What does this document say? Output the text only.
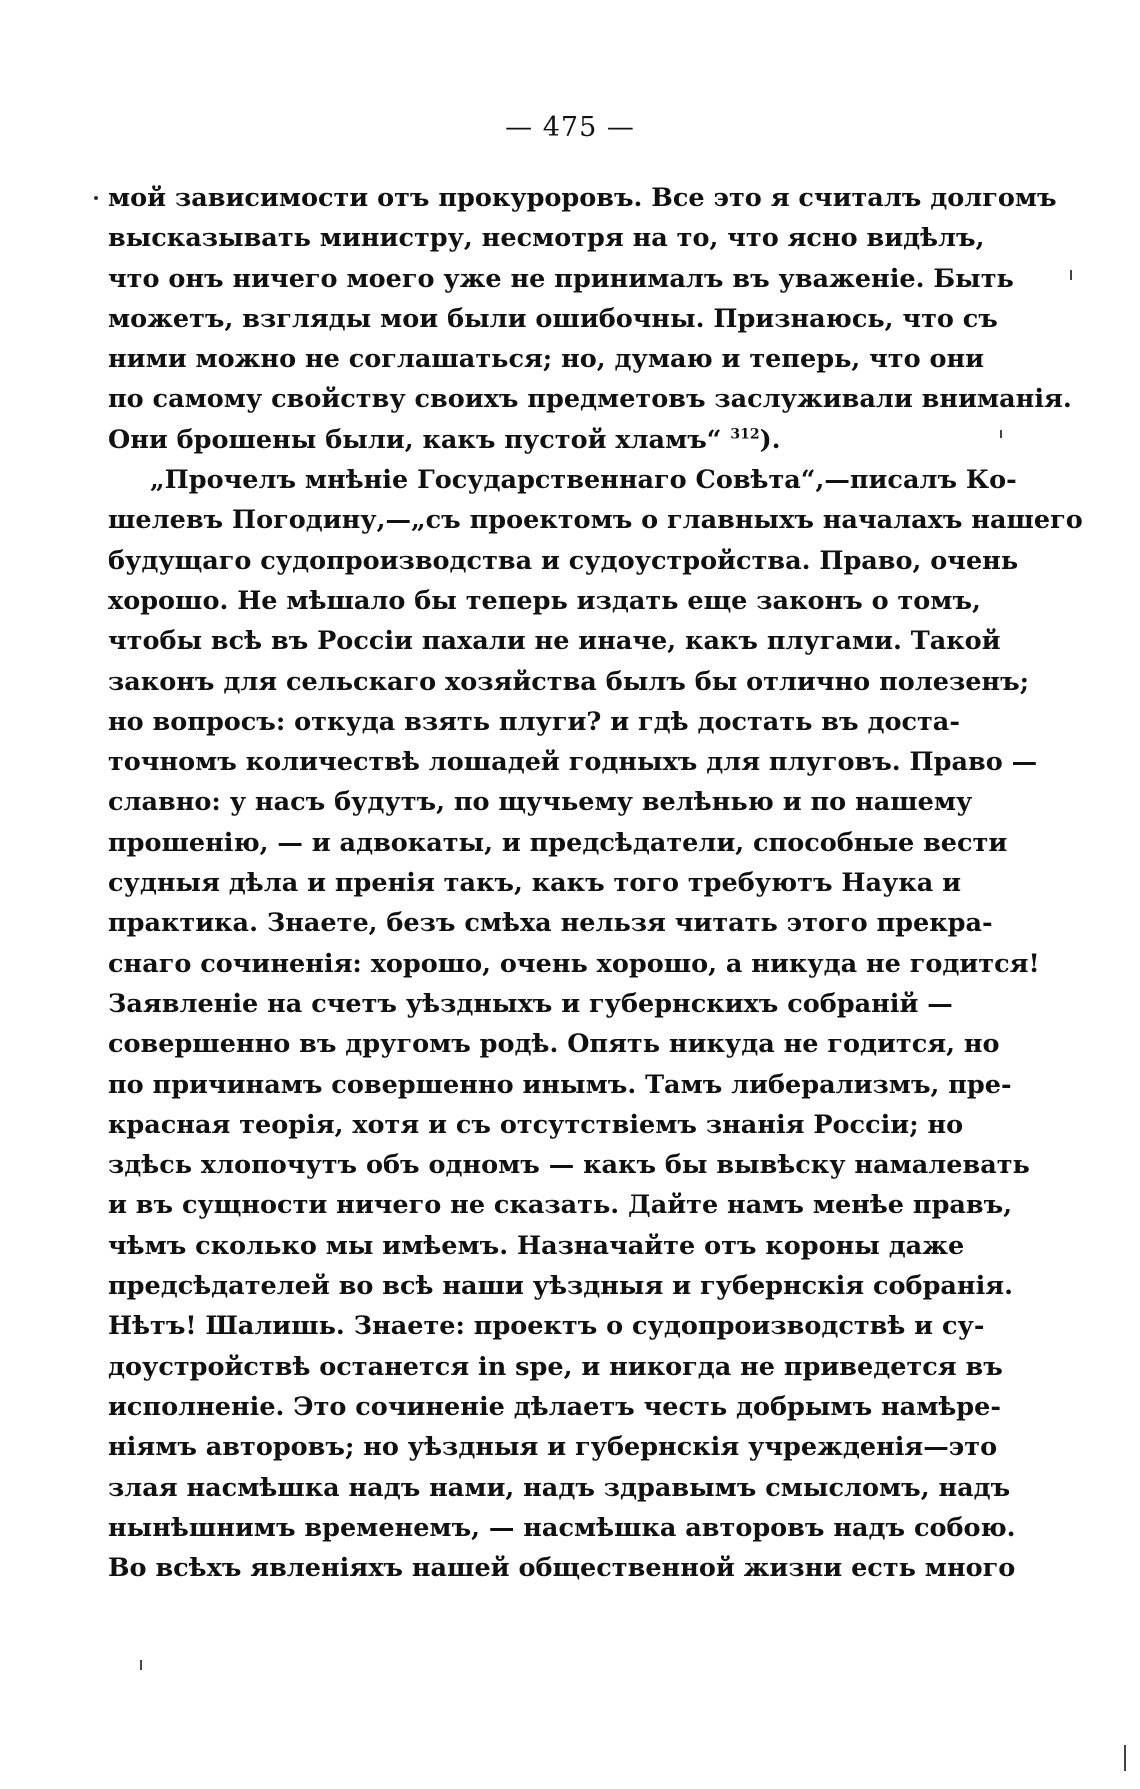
— 475 —
мой зависимости отъ прокуроровъ. Все это я считалъ долгомъ
высказывать министру, несмотря на то, что ясно видѣлъ,
что онъ ничего моего уже не принималъ въ уваженіе. Быть
можетъ, взгляды мои были ошибочны. Признаюсь, что съ
ними можно не соглашаться; но, думаю и теперь, что они
по самому свойству своихъ предметовъ заслуживали вниманія.
Они брошены были, какъ пустой хламъ“ $^{312}$).
„Прочелъ мнѣніе Государственнаго Совѣта“,—писалъ Ко-
шелевъ Погодину,—„съ проектомъ о главныхъ началахъ нашего
будущаго судопроизводства и судоустройства. Право, очень
хорошо. Не мѣшало бы теперь издать еще законъ о томъ,
чтобы всѣ въ Россіи пахали не иначе, какъ плугами. Такой
законъ для сельскаго хозяйства былъ бы отлично полезенъ;
но вопросъ: откуда взять плуги? и гдѣ достать въ доста-
точномъ количествѣ лошадей годныхъ для плуговъ. Право —
славно: у насъ будутъ, по щучьему велѣнью и по нашему
прошенію, — и адвокаты, и предсѣдатели, способные вести
судныя дѣла и пренія такъ, какъ того требуютъ Наука и
практика. Знаете, безъ смѣха нельзя читать этого прекра-
снаго сочиненія: хорошо, очень хорошо, а никуда не годится!
Заявленіе на счетъ уѣздныхъ и губернскихъ собраній —
совершенно въ другомъ родѣ. Опять никуда не годится, но
по причинамъ совершенно инымъ. Тамъ либерализмъ, пре-
красная теорія, хотя и съ отсутствіемъ знанія Россіи; но
здѣсь хлопочутъ объ одномъ — какъ бы вывѣску намалевать
и въ сущности ничего не сказать. Дайте намъ менѣе правъ,
чѣмъ сколько мы имѣемъ. Назначайте отъ короны даже
предсѣдателей во всѣ наши уѣздныя и губернскія собранія.
Нѣтъ! Шалишь. Знаете: проектъ о судопроизводствѣ и су-
доустройствѣ останется in spe, и никогда не приведется въ
исполненіе. Это сочиненіе дѣлаетъ честь добрымъ намѣре-
ніямъ авторовъ; но уѣздныя и губернскія учрежденія—это
злая насмѣшка надъ нами, надъ здравымъ смысломъ, надъ
нынѣшнимъ временемъ, — насмѣшка авторовъ надъ собою.
Во всѣхъ явленіяхъ нашей общественной жизни есть много
